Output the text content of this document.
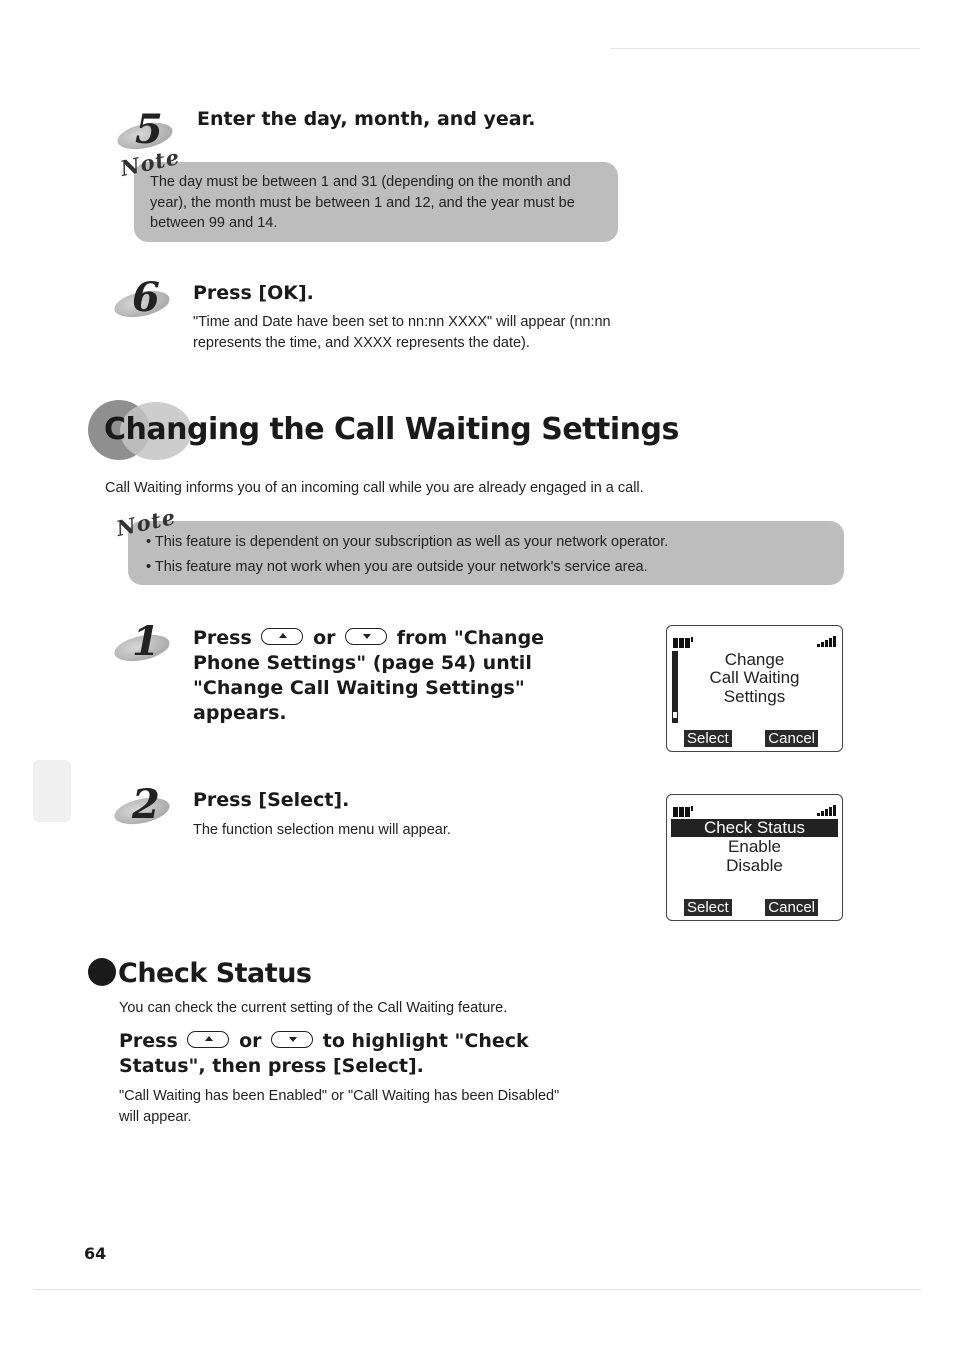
5 Enter the day, month, and year.
Note
The day must be between 1 and 31 (depending on the month and year), the month must be between 1 and 12, and the year must be between 99 and 14.
6 Press [OK].
"Time and Date have been set to nn:nn XXXX" will appear (nn:nn represents the time, and XXXX represents the date).
Changing the Call Waiting Settings
Call Waiting informs you of an incoming call while you are already engaged in a call.
Note
• This feature is dependent on your subscription as well as your network operator.
• This feature may not work when you are outside your network's service area.
1 Press	or	from "Change
Phone Settings" (page 54) until
"Change Call Waiting Settings"
appears.
Change
Call Waiting
Settings
Select	Cancel
2 Press [Select].
The function selection menu will appear.	Check Status
Enable
Disable
Select	Cancel
Check Status
You can check the current setting of the Call Waiting feature.
Press	or	to highlight "Check
Status", then press [Select].
"Call Waiting has been Enabled" or "Call Waiting has been Disabled" will appear.
64
